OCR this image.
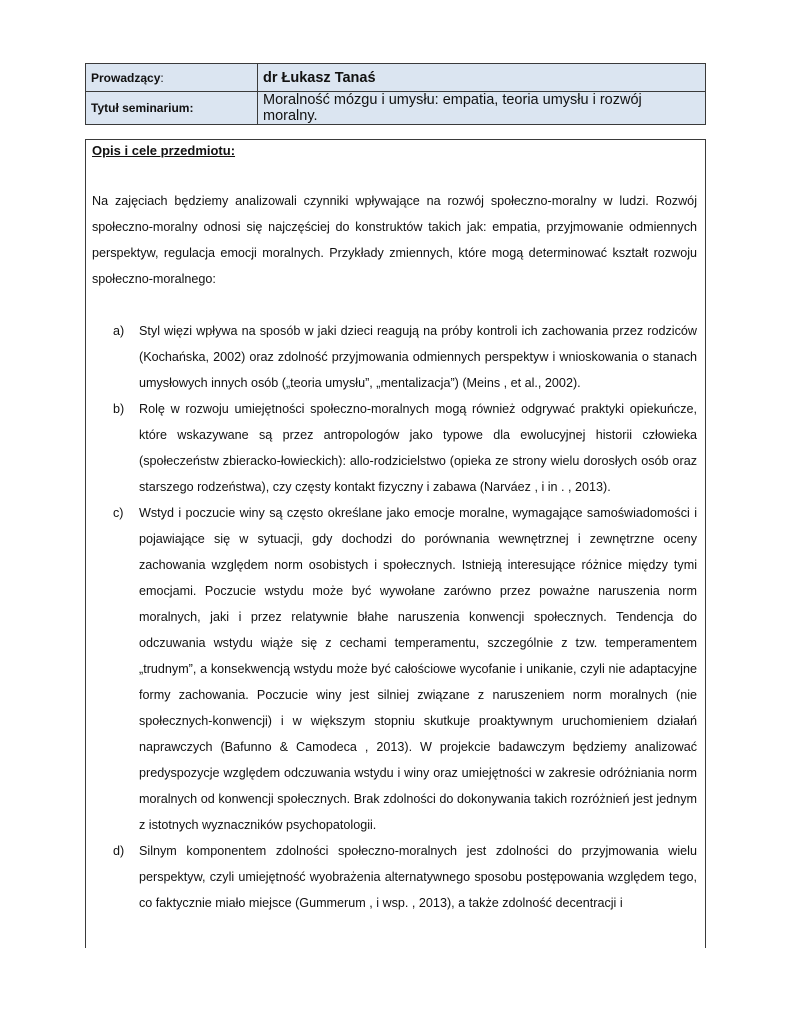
Prowadzący:	dr Łukasz Tanaś
Tytuł seminarium:	Moralność mózgu i umysłu: empatia, teoria umysłu i rozwój moralny.
Opis i cele przedmiotu:

Na zajęciach będziemy analizowali czynniki wpływające na rozwój społeczno-moralny w ludzi. Rozwój społeczno-moralny odnosi się najczęściej do konstruktów takich jak: empatia, przyjmowanie odmiennych perspektyw, regulacja emocji moralnych. Przykłady zmiennych, które mogą determinować kształt rozwoju społeczno-moralnego:

a) Styl więzi wpływa na sposób w jaki dzieci reagują na próby kontroli ich zachowania przez rodziców (Kochańska, 2002) oraz zdolność przyjmowania odmiennych perspektyw i wnioskowania o stanach umysłowych innych osób („teoria umysłu”, „mentalizacja”) (Meins , et al., 2002).
b) Rolę w rozwoju umiejętności społeczno-moralnych mogą również odgrywać praktyki opiekuńcze, które wskazywane są przez antropologów jako typowe dla ewolucyjnej historii człowieka (społeczeństw zbieracko-łowieckich): allo-rodzicielstwo (opieka ze strony wielu dorosłych osób oraz starszego rodzeństwa), czy częsty kontakt fizyczny i zabawa (Narváez , i in . , 2013).
c) Wstyd i poczucie winy są często określane jako emocje moralne, wymagające samoświadomości i pojawiające się w sytuacji, gdy dochodzi do porównania wewnętrznej i zewnętrzne oceny zachowania względem norm osobistych i społecznych. Istnieją interesujące różnice między tymi emocjami. Poczucie wstydu może być wywołane zarówno przez poważne naruszenia norm moralnych, jaki i przez relatywnie błahe naruszenia konwencji społecznych. Tendencja do odczuwania wstydu wiąże się z cechami temperamentu, szczególnie z tzw. temperamentem „trudnym”, a konsekwencją wstydu może być całościowe wycofanie i unikanie, czyli nie adaptacyjne formy zachowania. Poczucie winy jest silniej związane z naruszeniem norm moralnych (nie społecznych-konwencji) i w większym stopniu skutkuje proaktywnym uruchomieniem działań naprawczych (Bafunno & Camodeca , 2013). W projekcie badawczym będziemy analizować predyspozycje względem odczuwania wstydu i winy oraz umiejętności w zakresie odróżniania norm moralnych od konwencji społecznych. Brak zdolności do dokonywania takich rozróżnień jest jednym z istotnych wyznaczników psychopatologii.
d) Silnym komponentem zdolności społeczno-moralnych jest zdolności do przyjmowania wielu perspektyw, czyli umiejętność wyobrażenia alternatywnego sposobu postępowania względem tego, co faktycznie miało miejsce (Gummerum , i wsp. , 2013), a także zdolność decentracji i
